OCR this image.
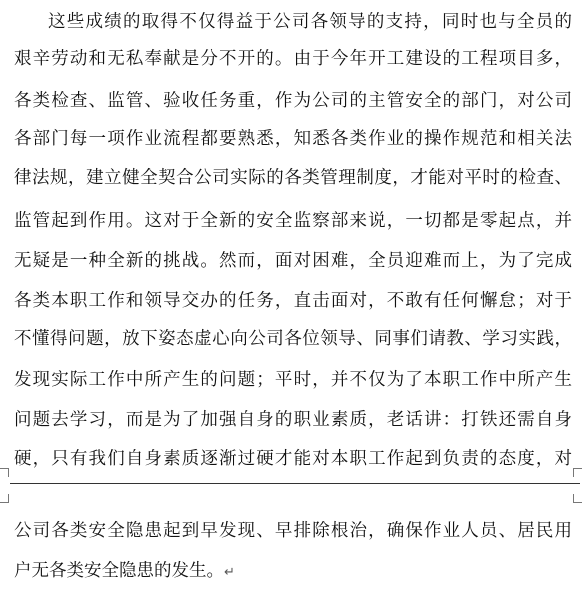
这些成绩的取得不仅得益于公司各领导的支持，同时也与全员的
艰辛劳动和无私奉献是分不开的。由于今年开工建设的工程项目多，
各类检查、监管、验收任务重，作为公司的主管安全的部门，对公司
各部门每一项作业流程都要熟悉，知悉各类作业的操作规范和相关法
律法规，建立健全契合公司实际的各类管理制度，才能对平时的检查、
监管起到作用。这对于全新的安全监察部来说，一切都是零起点，并
无疑是一种全新的挑战。然而，面对困难，全员迎难而上，为了完成
各类本职工作和领导交办的任务，直击面对，不敢有任何懈怠；对于
不懂得问题，放下姿态虚心向公司各位领导、同事们请教、学习实践，
发现实际工作中所产生的问题；平时，并不仅为了本职工作中所产生
问题去学习，而是为了加强自身的职业素质，老话讲：打铁还需自身
硬，只有我们自身素质逐渐过硬才能对本职工作起到负责的态度，对
公司各类安全隐患起到早发现、早排除根治，确保作业人员、居民用
户无各类安全隐患的发生。↵
